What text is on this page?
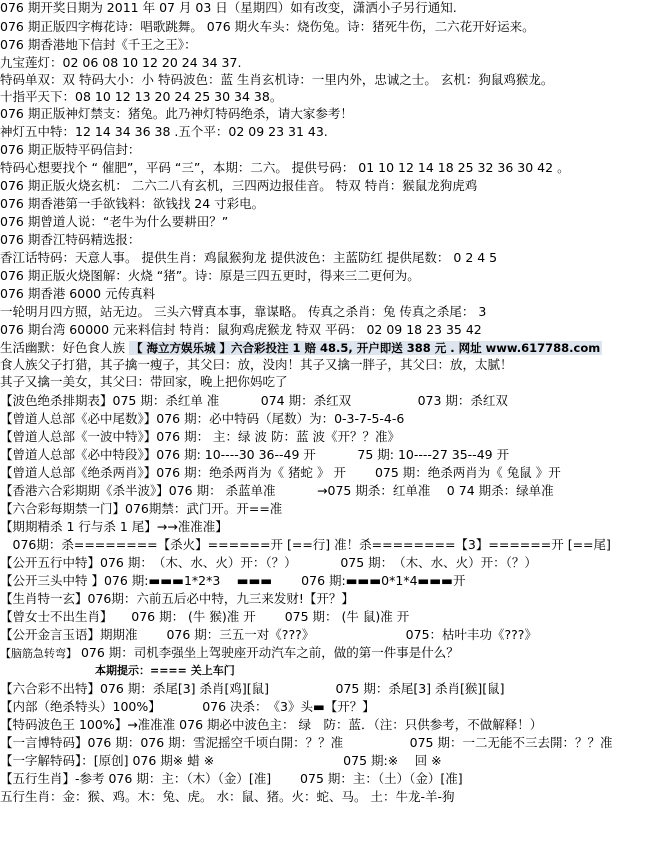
076 期开奖日期为 2011 年 07 月 03 日（星期四）如有改变，潇洒小子另行通知.
076 期正版四字梅花诗：唱歌跳舞。 076 期火车头：烧伤兔。诗：猪死牛伤，二六花开好运来。
076 期香港地下信封《千王之王》：
九宝莲灯：02 06 08 10 12 20 24 34 37.
特码单双：双 特码大小：小 特码波色：蓝 生肖玄机诗：一里内外，忠诚之士。 玄机：狗鼠鸡猴龙。
十指平天下：08 10 12 13 20 24 25 30 34 38。
076 期正版神灯禁支：猪兔。此乃神灯特码绝杀，请大家参考！
神灯五中特：12 14 34 36 38 .五个平：02 09 23 31 43.
076 期正版特平码信封：
特码心想要找个 “ 催肥”，平码 “三”，本期：二六。 提供号码： 01 10 12 14 18 25 32 36 30 42 。
076 期正版火烧玄机： 二六二八有玄机，三四两边报佳音。 特双 特肖：猴鼠龙狗虎鸡
076 期香港第一手欲钱料：欲钱找 24 寸彩电。
076 期曾道人说：“老牛为什么要耕田？”
076 期香江特码精选报：
香江话特码：天意人事。 提供生肖：鸡鼠猴狗龙 提供波色：主蓝防红 提供尾数： 0 2 4 5
076 期正版火烧图解：火烧 “猪”。诗：原是三四五更时，得来三二更何为。
076 期香港 6000 元传真料
一轮明月四方照，站无边。 三头六臂真本事，靠谋略。 传真之杀肖：兔 传真之杀尾： 3
076 期台湾 60000 元来料信封 特肖：鼠狗鸡虎猴龙 特双 平码： 02 09 18 23 35 42
生活幽默：好色食人族 【 海立方娱乐城 】六合彩投注 1 赔 48.5, 开户即送 388 元 . 网址 www.617788.com
食人族父子打猎，其子擒一瘦子，其父曰：放，没肉！其子又擒一胖子，其父曰：放，太腻！
其子又擒一美女，其父曰：带回家，晚上把你妈吃了
【波色绝杀排期表】075 期：杀红单 准 　　　074 期：杀红双 　　　　　073 期：杀红双
【曾道人总部《必中尾数》】076 期：必中特码（尾数）为：0-3-7-5-4-6
【曾道人总部《一波中特》】076 期： 主：绿 波 防：蓝 波《开？？准》
【曾道人总部《必中特段》】076 期: 10----30 36--49 开 　　　75 期: 10----27 35--49 开
【曾道人总部《绝杀两肖》】076 期：绝杀两肖为《 猪蛇 》 开 　　075 期：绝杀两肖为《 兔鼠 》开
【香港六合彩期期《杀半波》】076 期： 杀蓝单准 　　　→075 期杀：红单准 　0 74 期杀：绿单准
【六合彩每期禁一门】076期禁：武门开。开==准
【期期精杀 1 行与杀 1 尾】→→准准准】
　076期：杀========【杀火】======开 [==行] 准！杀========【3】======开 [==尾]
【公开五行中特】076 期：　（木、水、火）开：（？）　　　　075 期：　（木、水、火）开：（？）
【公开三头中特 】076 期:▬▬▬1*2*3 　▬▬▬ 　　076 期:▬▬▬0*1*4▬▬▬开
【生肖特一玄】076期：六前五后必中特，九三来发财!【开？】
【曾女士不出生肖】　　076 期： (牛 猴)准 开 　　075 期： (牛 鼠)准 开
【公开金言玉语】期期准 　　076 期：三五一对《???》 　　　　　　　075：枯叶丰功《???》
【脑筋急转弯】 076 期：司机李强坐上驾驶座开动汽车之前，做的第一件事是什么？
本期提示：==== 关上车门
【六合彩不出特】076 期：杀尾[3] 杀肖[鸡][鼠] 　　　　　075 期：杀尾[3] 杀肖[猴][鼠]
【内部（绝杀特头）100%】 　　　076 决杀：　《3》头▬【开？】
【特码波色王 100%】→准准准 076 期必中波色主： 绿　防：蓝．（注：只供参考，不做解释！）
【一言博特码】076 期：076 期：雪泥摇空千顷白開：？？准 　　　　　075 期：一二无能不三去開：？？准
【一字解特码】：[原创] 076 期※ 蜡 ※ 　　　　　　　　　　075 期:※ 　回 ※
【五行生肖】-参考 076 期：主：（木）（金）[准] 　　075 期：主：（土）（金）[准]
五行生肖：金：猴、鸡。木：兔、虎。 水：鼠、猪。火：蛇、马。 土：牛龙-羊-狗
